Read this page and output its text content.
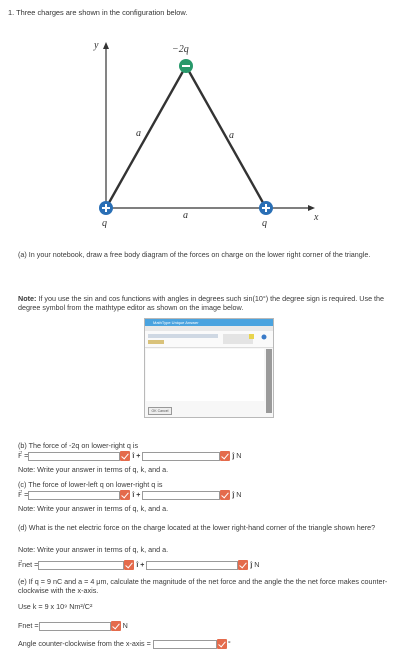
1. Three charges are shown in the configuration below.
y
x
a	a
a
−2q
q	q
(a) In your notebook, draw a free body diagram of the forces on charge on the lower right corner of the triangle.
Note: If you use the sin and cos functions with angles in degrees such sin(10°) the degree sign is required. Use the degree symbol from the mathtype editor as shown on the image below.
MathType Unique Answer
OK Cancel
(b) The force of -2q on lower-right q is
F⃗ =	î +	ĵ N
Note: Write your answer in terms of q, k, and a.
(c) The force of lower-left q on lower-right q is
F⃗ =	î +	ĵ N
Note: Write your answer in terms of q, k, and a.
(d) What is the net electric force on the charge located at the lower right-hand corner of the triangle shown here?
Note: Write your answer in terms of q, k, and a.
F⃗net =	î +	ĵ N
(e) If q = 9 nC and a = 4 μm, calculate the magnitude of the net force and the angle the the net force makes counter-clockwise with the x-axis.
Use k = 9 x 10⁹ Nm²/C²
Fnet =	N
Angle counter-clockwise from the x-axis =	°
